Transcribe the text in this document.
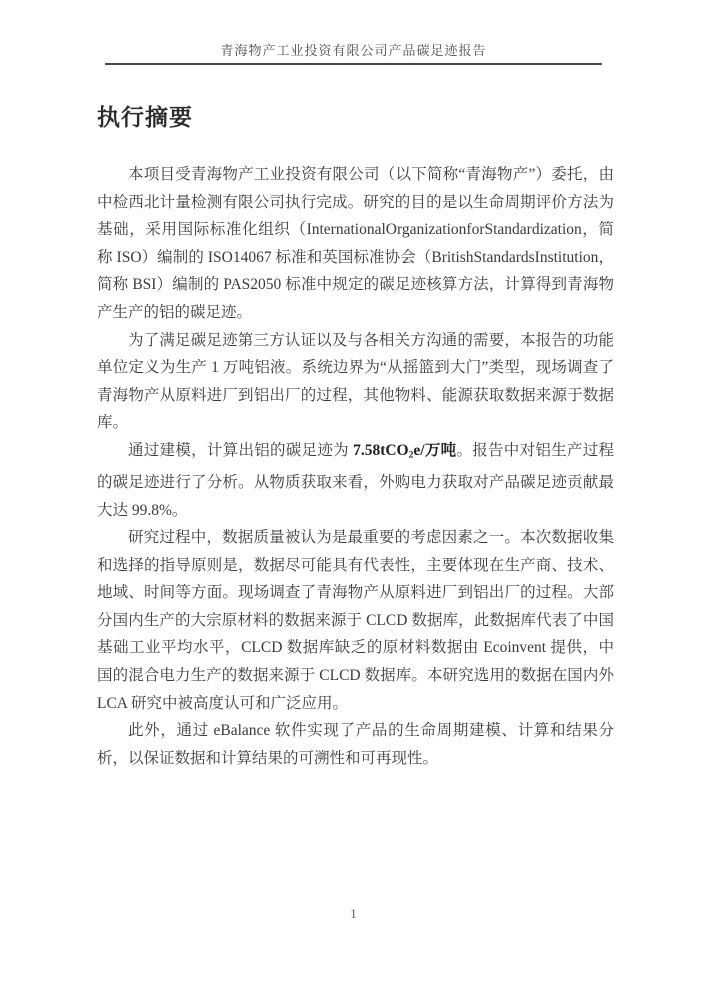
青海物产工业投资有限公司产品碳足迹报告
执行摘要

本项目受青海物产工业投资有限公司（以下简称“青海物产”）委托，由中检西北计量检测有限公司执行完成。研究的目的是以生命周期评价方法为基础，采用国际标准化组织（InternationalOrganizationforStandardization，简称 ISO）编制的 ISO14067 标准和英国标准协会（BritishStandardsInstitution，简称 BSI）编制的 PAS2050 标准中规定的碳足迹核算方法，计算得到青海物产生产的铝的碳足迹。

为了满足碳足迹第三方认证以及与各相关方沟通的需要，本报告的功能单位定义为生产 1 万吨铝液。系统边界为“从摇篮到大门”类型，现场调查了青海物产从原料进厂到铝出厂的过程，其他物料、能源获取数据来源于数据库。

通过建模，计算出铝的碳足迹为 7.58tCO$_2$e/万吨。报告中对铝生产过程的碳足迹进行了分析。从物质获取来看，外购电力获取对产品碳足迹贡献最大达 99.8%。

研究过程中，数据质量被认为是最重要的考虑因素之一。本次数据收集和选择的指导原则是，数据尽可能具有代表性，主要体现在生产商、技术、地域、时间等方面。现场调查了青海物产从原料进厂到铝出厂的过程。大部分国内生产的大宗原材料的数据来源于 CLCD 数据库，此数据库代表了中国基础工业平均水平，CLCD 数据库缺乏的原材料数据由 Ecoinvent 提供，中国的混合电力生产的数据来源于 CLCD 数据库。本研究选用的数据在国内外 LCA 研究中被高度认可和广泛应用。

此外，通过 eBalance 软件实现了产品的生命周期建模、计算和结果分析，以保证数据和计算结果的可溯性和可再现性。

1
